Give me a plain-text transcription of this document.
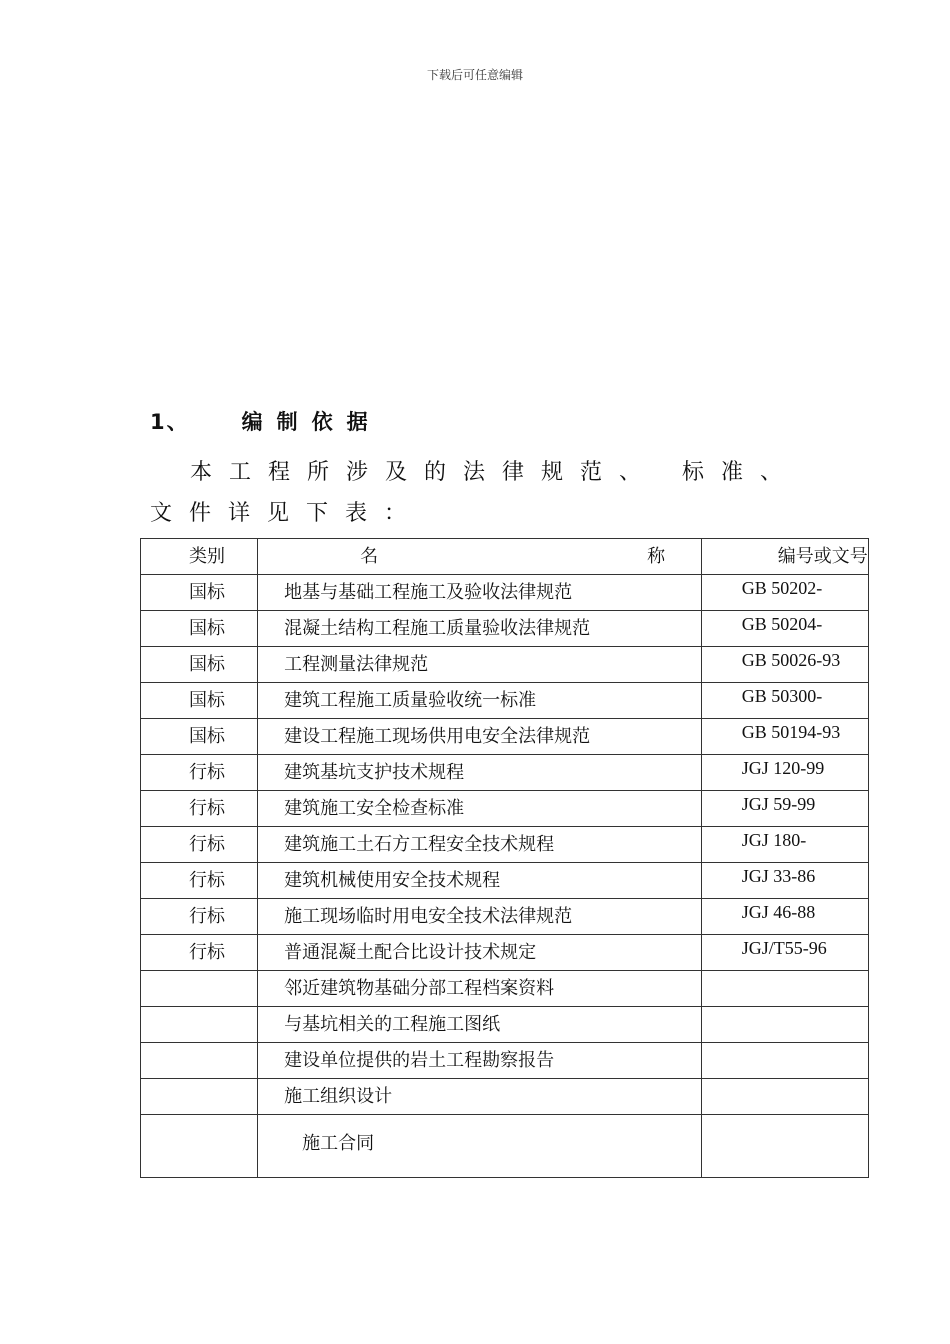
下载后可任意编辑
1、 编制依据
本工程所涉及的法律规范、 标准、
文件详见下表：
类别	名 称	编号或文号

国标	地基与基础工程施工及验收法律规范	GB 50202-

国标	混凝土结构工程施工质量验收法律规范	GB 50204-

国标	工程测量法律规范	GB 50026-93

国标	建筑工程施工质量验收统一标准	GB 50300-

国标	建设工程施工现场供用电安全法律规范	GB 50194-93

行标	建筑基坑支护技术规程	JGJ 120-99

行标	建筑施工安全检查标准	JGJ 59-99

行标	建筑施工土石方工程安全技术规程	JGJ 180-

行标	建筑机械使用安全技术规程	JGJ 33-86

行标	施工现场临时用电安全技术法律规范	JGJ 46-88

行标	普通混凝土配合比设计技术规定	JGJ/T55-96

	邻近建筑物基础分部工程档案资料	

	与基坑相关的工程施工图纸	

	建设单位提供的岩土工程勘察报告	

	施工组织设计	

	施工合同	
